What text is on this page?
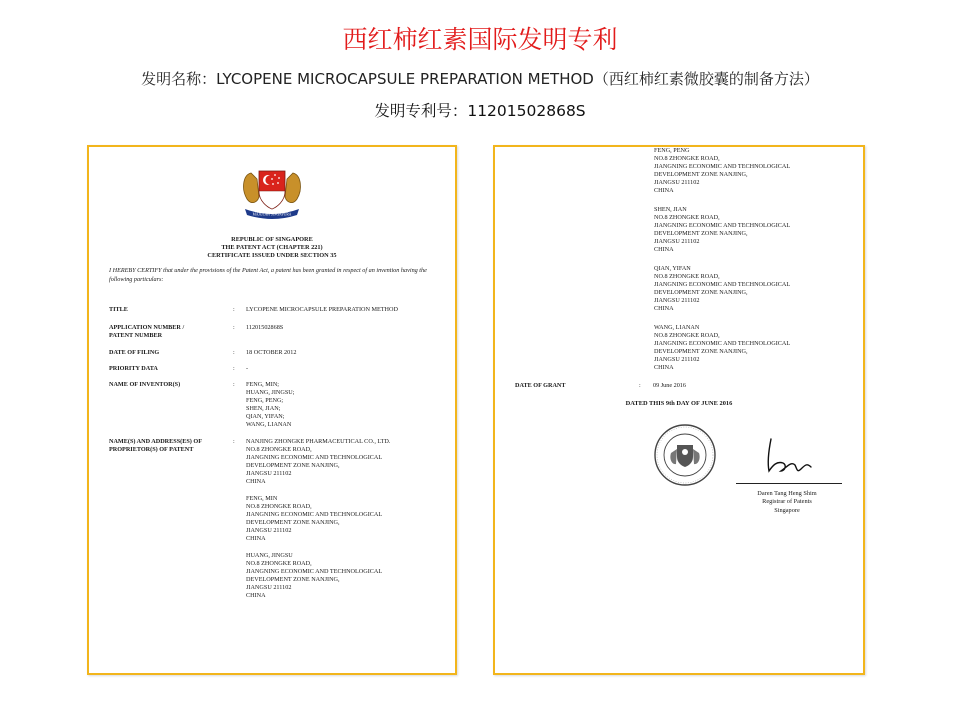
西红柿红素国际发明专利
发明名称：LYCOPENE MICROCAPSULE PREPARATION METHOD（西红柿红素微胶囊的制备方法）
发明专利号：11201502868S
MAJULAH SINGAPURA
REPUBLIC OF SINGAPORE
THE PATENT ACT (CHAPTER 221)
CERTIFICATE ISSUED UNDER SECTION 35
I HEREBY CERTIFY that under the provisions of the Patent Act, a patent has been granted in respect of an invention having the following particulars:
TITLE	: LYCOPENE MICROCAPSULE PREPARATION METHOD
APPLICATION NUMBER / PATENT NUMBER
: 11201502868S
DATE OF FILING	: 18 OCTOBER 2012
PRIORITY DATA	: -
NAME OF INVENTOR(S)	: FENG, MIN;
HUANG, JINGSU;
FENG, PENG;
SHEN, JIAN;
QIAN, YIFAN;
WANG, LIANAN
NAME(S) AND ADDRESS(ES) OF PROPRIETOR(S) OF PATENT
: NANJING ZHONGKE PHARMACEUTICAL CO., LTD.
NO.8 ZHONGKE ROAD,
JIANGNING ECONOMIC AND TECHNOLOGICAL
DEVELOPMENT ZONE NANJING,
JIANGSU 211102
CHINA
FENG, MIN
NO.8 ZHONGKE ROAD,
JIANGNING ECONOMIC AND TECHNOLOGICAL
DEVELOPMENT ZONE NANJING,
JIANGSU 211102
CHINA
HUANG, JINGSU
NO.8 ZHONGKE ROAD,
JIANGNING ECONOMIC AND TECHNOLOGICAL
DEVELOPMENT ZONE NANJING,
JIANGSU 211102
CHINA
FENG, PENG
NO.8 ZHONGKE ROAD,
JIANGNING ECONOMIC AND TECHNOLOGICAL
DEVELOPMENT ZONE NANJING,
JIANGSU 211102
CHINA
SHEN, JIAN
NO.8 ZHONGKE ROAD,
JIANGNING ECONOMIC AND TECHNOLOGICAL
DEVELOPMENT ZONE NANJING,
JIANGSU 211102
CHINA
QIAN, YIFAN
NO.8 ZHONGKE ROAD,
JIANGNING ECONOMIC AND TECHNOLOGICAL
DEVELOPMENT ZONE NANJING,
JIANGSU 211102
CHINA
WANG, LIANAN
NO.8 ZHONGKE ROAD,
JIANGNING ECONOMIC AND TECHNOLOGICAL
DEVELOPMENT ZONE NANJING,
JIANGSU 211102
CHINA
DATE OF GRANT	: 09 June 2016
DATED THIS 9th DAY OF JUNE 2016
Daren Tang Heng Shim
Registrar of Patents
Singapore
